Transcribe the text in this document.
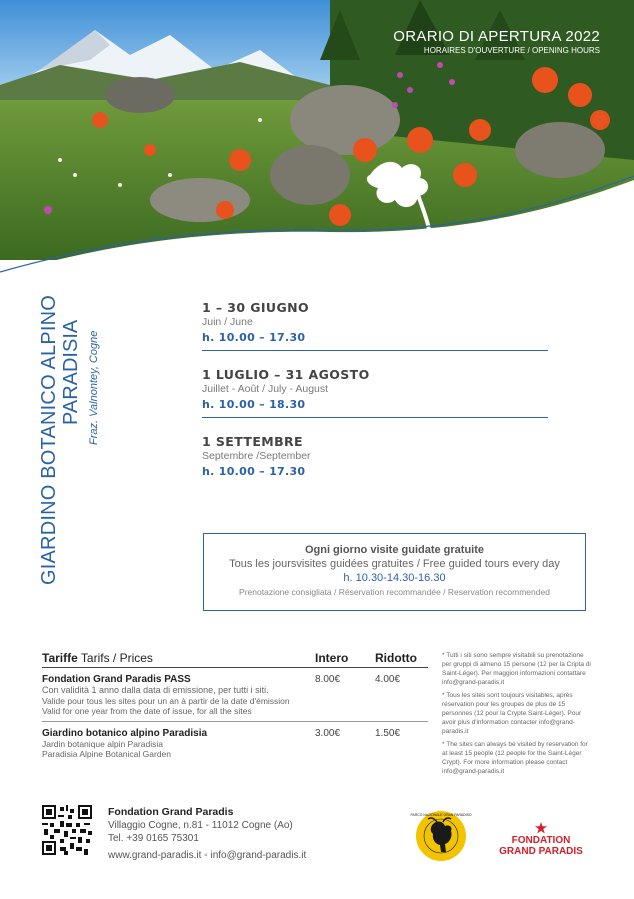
ORARIO DI APERTURA 2022
HORAIRES D'OUVERTURE / OPENING HOURS
GIARDINO BOTANICO ALPINO PARADISIA Fraz. Valnontey, Cogne
1 – 30 GIUGNO
Juin / June
h. 10.00 – 17.30
1 LUGLIO – 31 AGOSTO
Juillet - Août / July - August
h. 10.00 – 18.30
1 SETTEMBRE
Septembre /September
h. 10.00 – 17.30
Ogni giorno visite guidate gratuite
Tous les joursvisites guidées gratuites / Free guided tours every day
h. 10.30-14.30-16.30
Prenotazione consigliata / Réservation recommandée / Reservation recommended
Tariffe Tarifs / Prices	Intero Ridotto
Fondation Grand Paradis PASS
Con validità 1 anno dalla data di emissione, per tutti i siti.
Valide pour tous les sites pour un an à partir de la date d'émission
Valid for one year from the date of issue, for all the sites
8.00€	4.00€
Giardino botanico alpino Paradisia
Jardin botanique alpin Paradisia
Paradisia Alpine Botanical Garden
3.00€	1.50€

* Tutti i siti sono sempre visitabili su prenotazione per gruppi di almeno 15 persone (12 per la Cripta di Saint-Léger). Per maggiori informazioni contattare info@grand-paradis.it

* Tous les sites sont toujours visitables, après réservation pour les groupes de plus de 15 personnes (12 pour la Crypte Saint-Léger). Pour avoir plus d'information contacter info@grand-paradis.it

* The sites can always be visited by reservation for at least 15 people (12 people for the Saint-Léger Crypt). For more information please contact info@grand-paradis.it

Fondation Grand Paradis
Villaggio Cogne, n.81 - 11012 Cogne (Ao)
Tel. +39 0165 75301
www.grand-paradis.it ◦ info@grand-paradis.it
PARCO NAZIONALE GRAN PARADISO
FONDATION
GRAND PARADIS
